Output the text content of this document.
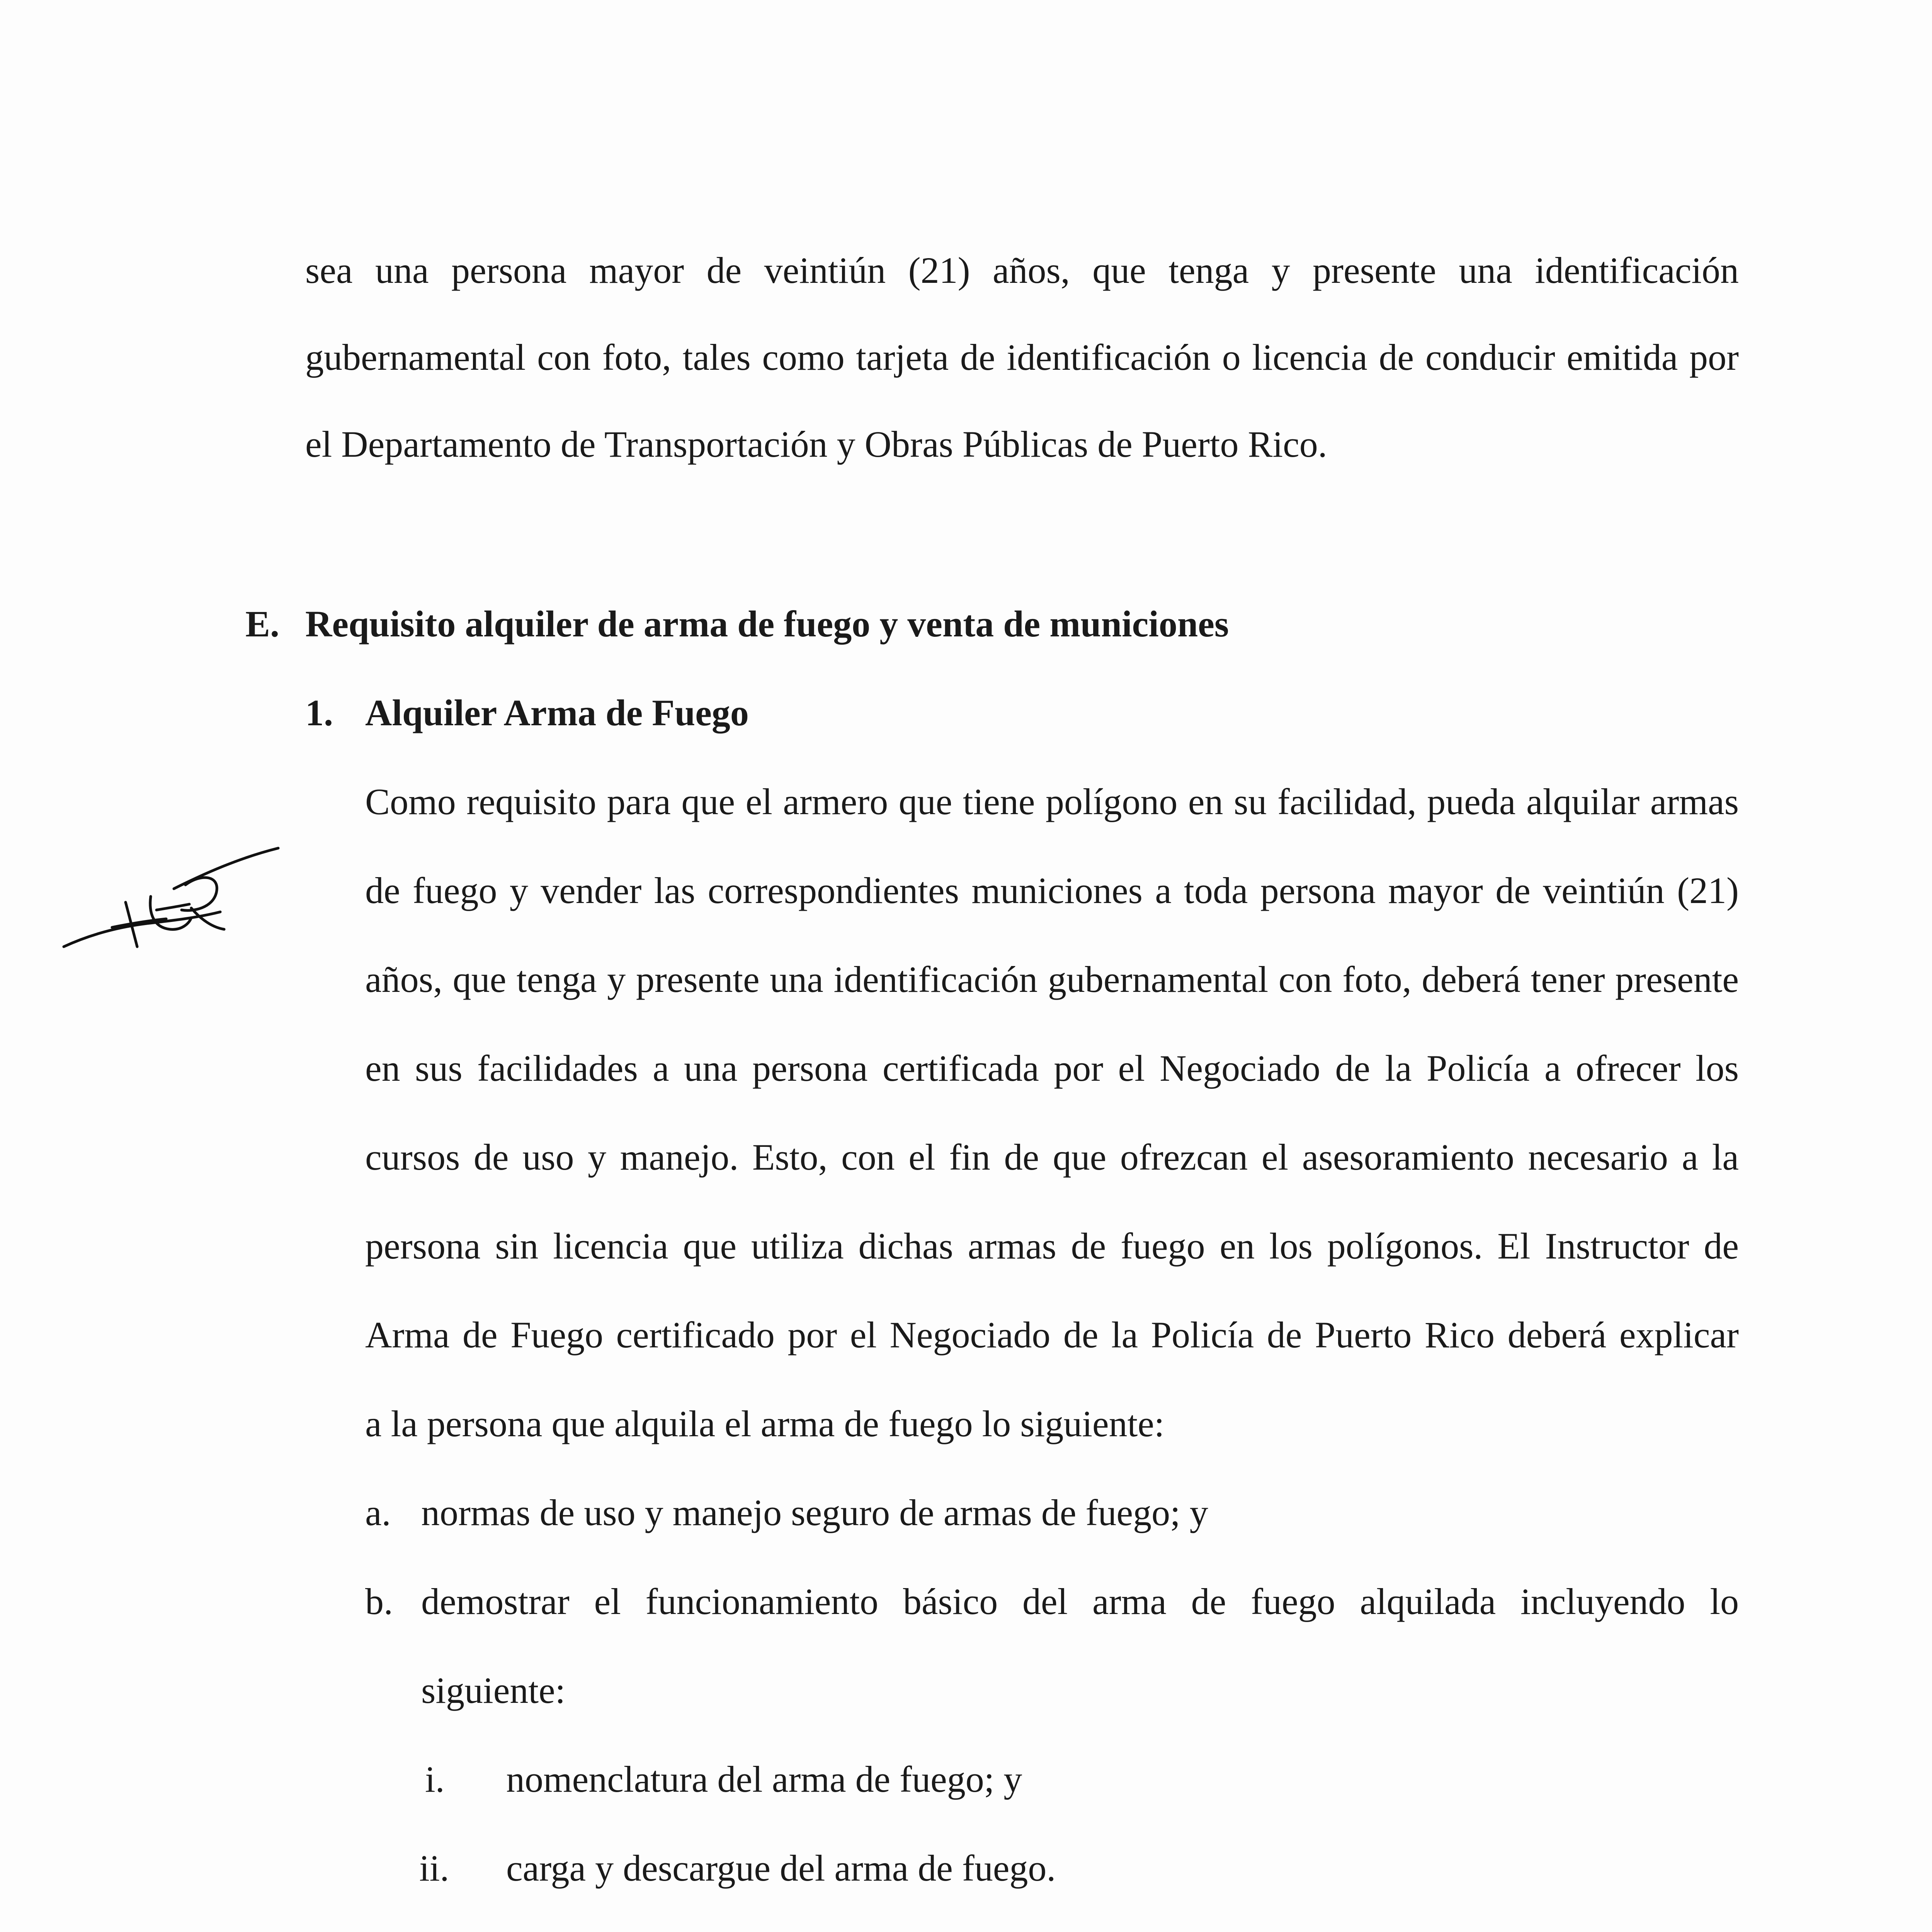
sea una persona mayor de veintiún (21) años, que tenga y presente una identificación
gubernamental con foto, tales como tarjeta de identificación o licencia de conducir emitida por
el Departamento de Transportación y Obras Públicas de Puerto Rico.
E. Requisito alquiler de arma de fuego y venta de municiones
1. Alquiler Arma de Fuego
Como requisito para que el armero que tiene polígono en su facilidad, pueda alquilar armas
de fuego y vender las correspondientes municiones a toda persona mayor de veintiún (21)
años, que tenga y presente una identificación gubernamental con foto, deberá tener presente
en sus facilidades a una persona certificada por el Negociado de la Policía a ofrecer los
cursos de uso y manejo. Esto, con el fin de que ofrezcan el asesoramiento necesario a la
persona sin licencia que utiliza dichas armas de fuego en los polígonos. El Instructor de
Arma de Fuego certificado por el Negociado de la Policía de Puerto Rico deberá explicar
a la persona que alquila el arma de fuego lo siguiente:
a. normas de uso y manejo seguro de armas de fuego; y
b. demostrar el funcionamiento básico del arma de fuego alquilada incluyendo lo
siguiente:
i. nomenclatura del arma de fuego; y
ii. carga y descargue del arma de fuego.
